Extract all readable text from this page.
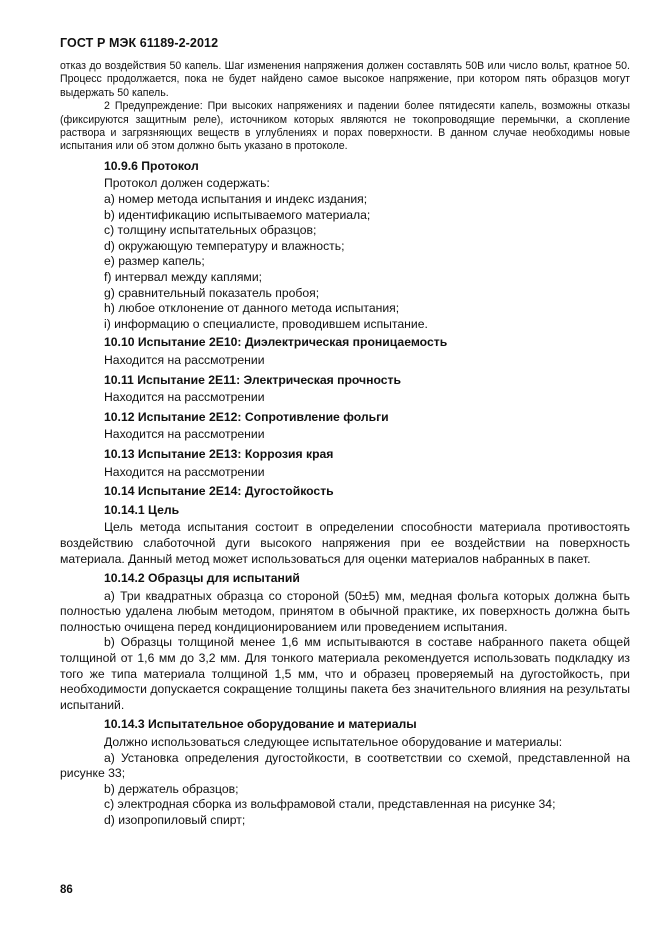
ГОСТ Р МЭК 61189-2-2012

отказ до воздействия 50 капель. Шаг изменения напряжения должен составлять 50В или число вольт, кратное 50. Процесс продолжается, пока не будет найдено самое высокое напряжение, при котором пять образцов могут выдержать 50 капель.

2 Предупреждение: При высоких напряжениях и падении более пятидесяти капель, возможны отказы (фиксируются защитным реле), источником которых являются не токопроводящие перемычки, а скопление раствора и загрязняющих веществ в углублениях и порах поверхности. В данном случае необходимы новые испытания или об этом должно быть указано в протоколе.

10.9.6 Протокол
Протокол должен содержать:
a) номер метода испытания и индекс издания;
b) идентификацию испытываемого материала;
c) толщину испытательных образцов;
d) окружающую температуру и влажность;
e) размер капель;
f) интервал между каплями;
g) сравнительный показатель пробоя;
h) любое отклонение от данного метода испытания;
i) информацию о специалисте, проводившем испытание.
10.10 Испытание 2Е10: Диэлектрическая проницаемость
Находится на рассмотрении
10.11 Испытание 2Е11: Электрическая прочность
Находится на рассмотрении
10.12 Испытание 2Е12: Сопротивление фольги
Находится на рассмотрении
10.13 Испытание 2Е13: Коррозия края
Находится на рассмотрении
10.14 Испытание 2Е14: Дугостойкость
10.14.1 Цель

Цель метода испытания состоит в определении способности материала противостоять воздействию слаботочной дуги высокого напряжения при ее воздействии на поверхность материала. Данный метод может использоваться для оценки материалов набранных в пакет.

10.14.2 Образцы для испытаний

a) Три квадратных образца со стороной (50±5) мм, медная фольга которых должна быть полностью удалена любым методом, принятом в обычной практике, их поверхность должна быть полностью очищена перед кондиционированием или проведением испытания.

b) Образцы толщиной менее 1,6 мм испытываются в составе набранного пакета общей толщиной от 1,6 мм до 3,2 мм. Для тонкого материала рекомендуется использовать подкладку из того же типа материала толщиной 1,5 мм, что и образец проверяемый на дугостойкость, при необходимости допускается сокращение толщины пакета без значительного влияния на результаты испытаний.

10.14.3 Испытательное оборудование и материалы
Должно использоваться следующее испытательное оборудование и материалы:

a) Установка определения дугостойкости, в соответствии со схемой, представленной на рисунке 33;

b) держатель образцов;
c) электродная сборка из вольфрамовой стали, представленная на рисунке 34;
d) изопропиловый спирт;
86
